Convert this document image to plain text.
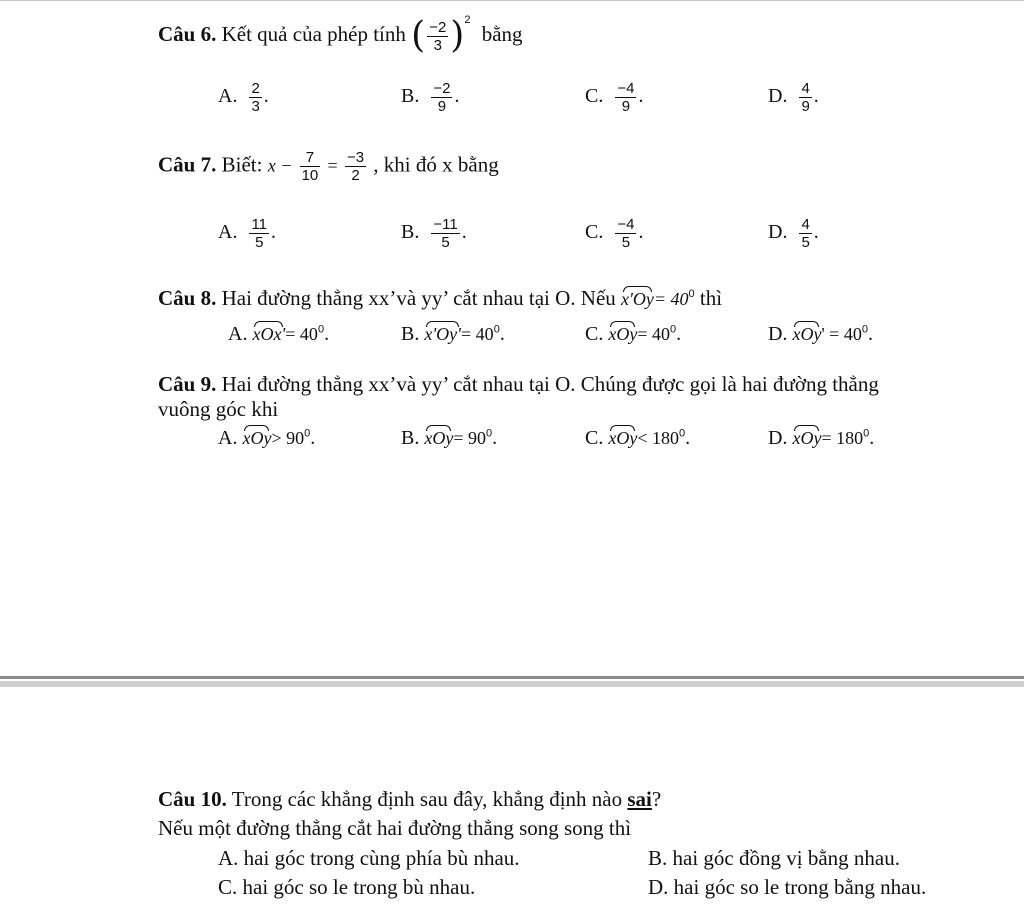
Câu 6. Kết quả của phép tính ( $\frac{-2}{3} )^2$ bằng
A. $\frac{2}{3}$ .	B. $\frac{-2}{9}$ .	C. $\frac{-4}{9}$ .	D. $\frac{4}{9}$ .
Câu 7. Biết: $x - \frac{7}{10} = \frac{-3}{2}$ , khi đó x bằng
A. $\frac{11}{5}$ .	B. $\frac{-11}{5}$ .	C. $\frac{-4}{5}$ .	D. $\frac{4}{5}$ .
Câu 8. Hai đường thẳng xx’và yy’ cắt nhau tại O. Nếu $x'Oy= 40^0$ thì
A. $xOx'= 40^0$.	B. $x'Oy'= 40^0$.	C. $xOy= 40^0$.	D. $xOy' = 40^0$.
Câu 9. Hai đường thẳng xx’và yy’ cắt nhau tại O. Chúng được gọi là hai đường thẳng
vuông góc khi
A. $xOy> 90^0$.	B. $xOy= 90^0$.	C. $xOy< 180^0$.	D. $xOy= 180^0$.
Câu 10. Trong các khẳng định sau đây, khẳng định nào sai?
Nếu một đường thẳng cắt hai đường thẳng song song thì
A. hai góc trong cùng phía bù nhau.	B. hai góc đồng vị bằng nhau.
C. hai góc so le trong bù nhau.	D. hai góc so le trong bằng nhau.
